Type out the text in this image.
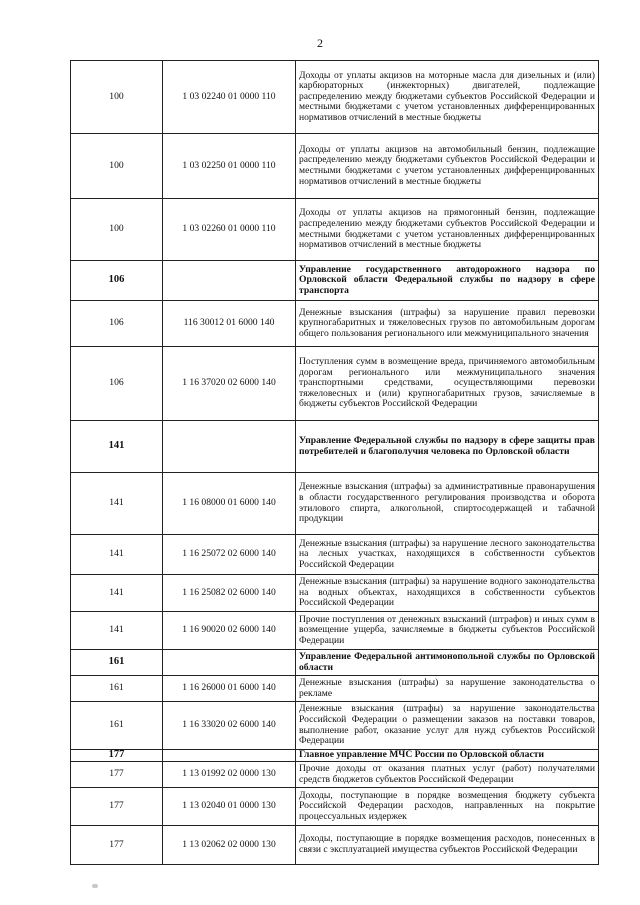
2
100	1 03 02240 01 0000 110	Доходы от уплаты акцизов на моторные масла для дизельных и (или) карбюраторных (инжекторных) двигателей, подлежащие распределению между бюджетами субъектов Российской Федерации и местными бюджетами с учетом установленных дифференцированных нормативов отчислений в местные бюджеты
100	1 03 02250 01 0000 110	Доходы от уплаты акцизов на автомобильный бензин, подлежащие распределению между бюджетами субъектов Российской Федерации и местными бюджетами с учетом установленных дифференцированных нормативов отчислений в местные бюджеты
100	1 03 02260 01 0000 110	Доходы от уплаты акцизов на прямогонный бензин, подлежащие распределению между бюджетами субъектов Российской Федерации и местными бюджетами с учетом установленных дифференцированных нормативов отчислений в местные бюджеты
106		Управление государственного автодорожного надзора по Орловской области Федеральной службы по надзору в сфере транспорта
106	116 30012 01 6000 140	Денежные взыскания (штрафы) за нарушение правил перевозки крупногабаритных и тяжеловесных грузов по автомобильным дорогам общего пользования регионального или межмуниципального значения
106	1 16 37020 02 6000 140	Поступления сумм в возмещение вреда, причиняемого автомобильным дорогам регионального или межмуниципального значения транспортными средствами, осуществляющими перевозки тяжеловесных и (или) крупногабаритных грузов, зачисляемые в бюджеты субъектов Российской Федерации
141		Управление Федеральной службы по надзору в сфере защиты прав потребителей и благополучия человека по Орловской области
141	1 16 08000 01 6000 140	Денежные взыскания (штрафы) за административные правонарушения в области государственного регулирования производства и оборота этилового спирта, алкогольной, спиртосодержащей и табачной продукции
141	1 16 25072 02 6000 140	Денежные взыскания (штрафы) за нарушение лесного законодательства на лесных участках, находящихся в собственности субъектов Российской Федерации
141	1 16 25082 02 6000 140	Денежные взыскания (штрафы) за нарушение водного законодательства на водных объектах, находящихся в собственности субъектов Российской Федерации
141	1 16 90020 02 6000 140	Прочие поступления от денежных взысканий (штрафов) и иных сумм в возмещение ущерба, зачисляемые в бюджеты субъектов Российской Федерации
161		Управление Федеральной антимонопольной службы по Орловской области
161	1 16 26000 01 6000 140	Денежные взыскания (штрафы) за нарушение законодательства о рекламе
161	1 16 33020 02 6000 140	Денежные взыскания (штрафы) за нарушение законодательства Российской Федерации о размещении заказов на поставки товаров, выполнение работ, оказание услуг для нужд субъектов Российской Федерации
177		Главное управление МЧС России по Орловской области
177	1 13 01992 02 0000 130	Прочие доходы от оказания платных услуг (работ) получателями средств бюджетов субъектов Российской Федерации
177	1 13 02040 01 0000 130	Доходы, поступающие в порядке возмещения бюджету субъекта Российской Федерации расходов, направленных на покрытие процессуальных издержек
177	1 13 02062 02 0000 130	Доходы, поступающие в порядке возмещения расходов, понесенных в связи с эксплуатацией имущества субъектов Российской Федерации
